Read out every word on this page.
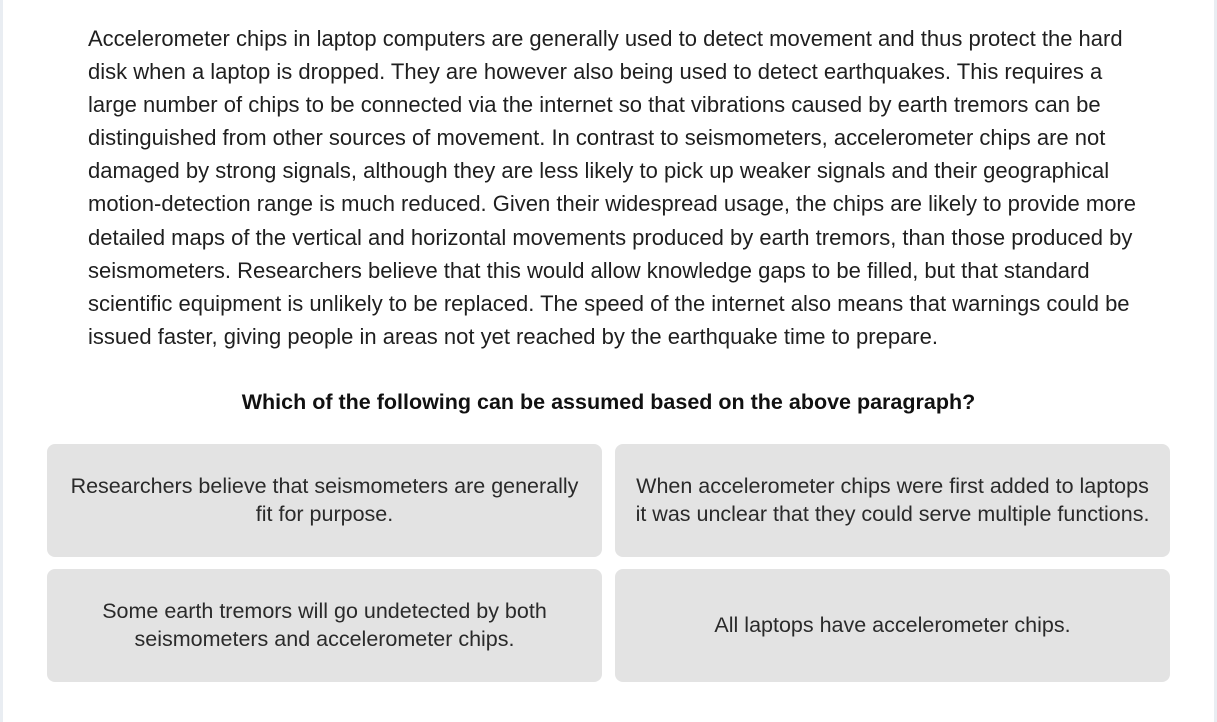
Accelerometer chips in laptop computers are generally used to detect movement and thus protect the hard disk when a laptop is dropped. They are however also being used to detect earthquakes. This requires a large number of chips to be connected via the internet so that vibrations caused by earth tremors can be distinguished from other sources of movement. In contrast to seismometers, accelerometer chips are not damaged by strong signals, although they are less likely to pick up weaker signals and their geographical motion-detection range is much reduced. Given their widespread usage, the chips are likely to provide more detailed maps of the vertical and horizontal movements produced by earth tremors, than those produced by seismometers. Researchers believe that this would allow knowledge gaps to be filled, but that standard scientific equipment is unlikely to be replaced. The speed of the internet also means that warnings could be issued faster, giving people in areas not yet reached by the earthquake time to prepare.

Which of the following can be assumed based on the above paragraph?

Researchers believe that seismometers are generally fit for purpose.
When accelerometer chips were first added to laptops it was unclear that they could serve multiple functions.
Some earth tremors will go undetected by both seismometers and accelerometer chips.
All laptops have accelerometer chips.
